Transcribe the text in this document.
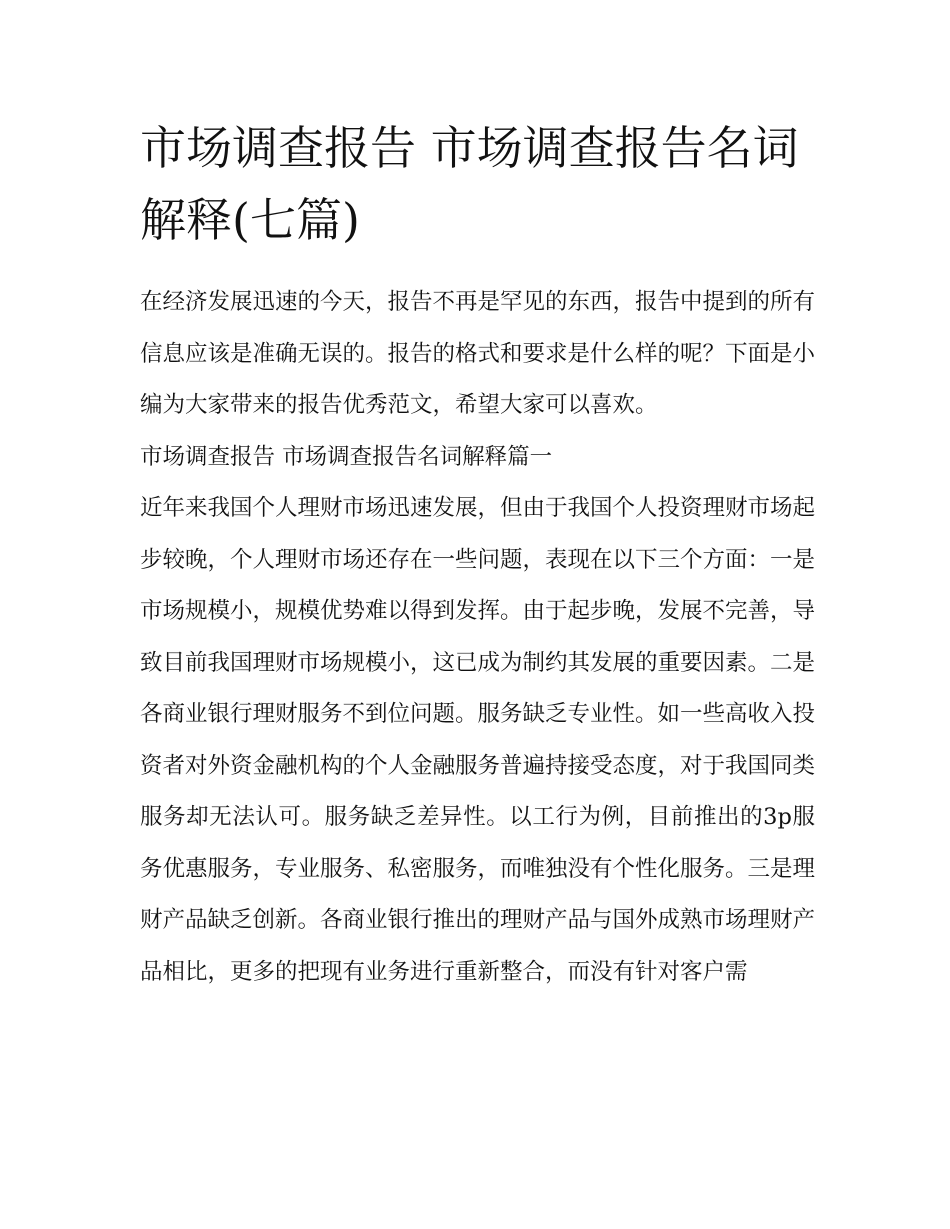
市场调查报告 市场调查报告名词解释(七篇)

在经济发展迅速的今天，报告不再是罕见的东西，报告中提到的所有信息应该是准确无误的。报告的格式和要求是什么样的呢？下面是小编为大家带来的报告优秀范文，希望大家可以喜欢。

市场调查报告 市场调查报告名词解释篇一

近年来我国个人理财市场迅速发展，但由于我国个人投资理财市场起步较晚，个人理财市场还存在一些问题，表现在以下三个方面：一是市场规模小，规模优势难以得到发挥。由于起步晚，发展不完善，导致目前我国理财市场规模小，这已成为制约其发展的重要因素。二是各商业银行理财服务不到位问题。服务缺乏专业性。如一些高收入投资者对外资金融机构的个人金融服务普遍持接受态度，对于我国同类服务却无法认可。服务缺乏差异性。以工行为例，目前推出的3p服务优惠服务，专业服务、私密服务，而唯独没有个性化服务。三是理财产品缺乏创新。各商业银行推出的理财产品与国外成熟市场理财产品相比，更多的把现有业务进行重新整合，而没有针对客户需
